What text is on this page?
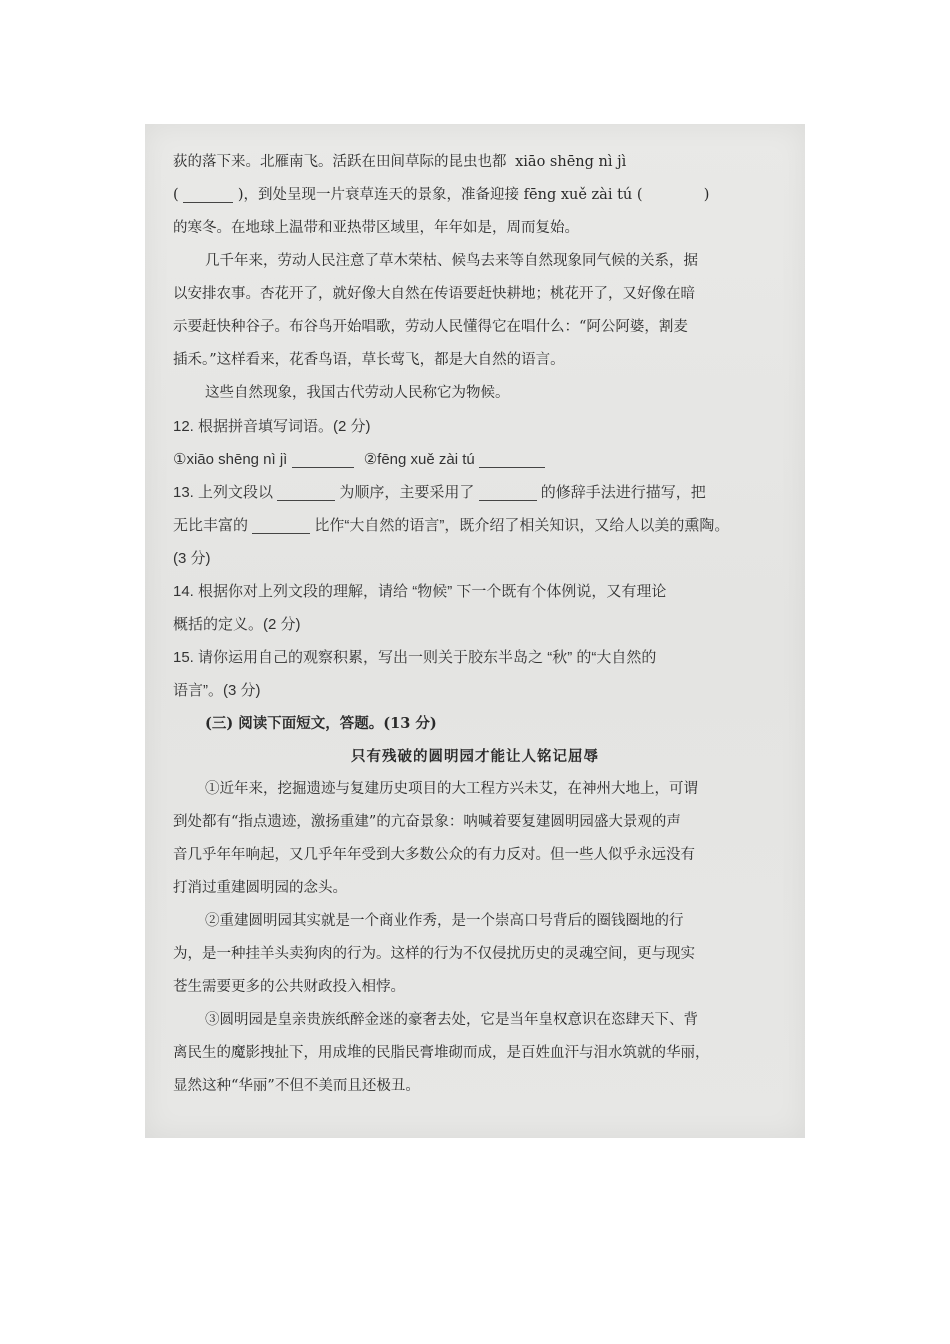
荻的落下来。北雁南飞。活跃在田间草际的昆虫也都 xiāo shēng nì jì
(	)，到处呈现一片衰草连天的景象，准备迎接 fēng xuě zài tú (	)
的寒冬。在地球上温带和亚热带区域里，年年如是，周而复始。
几千年来，劳动人民注意了草木荣枯、候鸟去来等自然现象同气候的关系，据
以安排农事。杏花开了，就好像大自然在传语要赶快耕地；桃花开了，又好像在暗
示要赶快种谷子。布谷鸟开始唱歌，劳动人民懂得它在唱什么：“阿公阿婆，割麦
插禾。”这样看来，花香鸟语，草长莺飞，都是大自然的语言。
这些自然现象，我国古代劳动人民称它为物候。
12. 根据拼音填写词语。(2 分)
①xiāo shēng nì jì	②fēng xuě zài tú
13. 上列文段以	为顺序，主要采用了	的修辞手法进行描写，把
无比丰富的	比作“大自然的语言”，既介绍了相关知识，又给人以美的熏陶。
(3 分)
14. 根据你对上列文段的理解，请给 “物候” 下一个既有个体例说，又有理论
概括的定义。(2 分)
15. 请你运用自己的观察积累，写出一则关于胶东半岛之 “秋” 的“大自然的
语言”。(3 分)
(三) 阅读下面短文，答题。(13 分)
只有残破的圆明园才能让人铭记屈辱
①近年来，挖掘遗迹与复建历史项目的大工程方兴未艾，在神州大地上，可谓
到处都有“指点遗迹，激扬重建”的亢奋景象：呐喊着要复建圆明园盛大景观的声
音几乎年年响起，又几乎年年受到大多数公众的有力反对。但一些人似乎永远没有
打消过重建圆明园的念头。
②重建圆明园其实就是一个商业作秀，是一个崇高口号背后的圈钱圈地的行
为，是一种挂羊头卖狗肉的行为。这样的行为不仅侵扰历史的灵魂空间，更与现实
苍生需要更多的公共财政投入相悖。
③圆明园是皇亲贵族纸醉金迷的豪奢去处，它是当年皇权意识在恣肆天下、背
离民生的魔影拽扯下，用成堆的民脂民膏堆砌而成，是百姓血汗与泪水筑就的华丽，
显然这种“华丽”不但不美而且还极丑。
